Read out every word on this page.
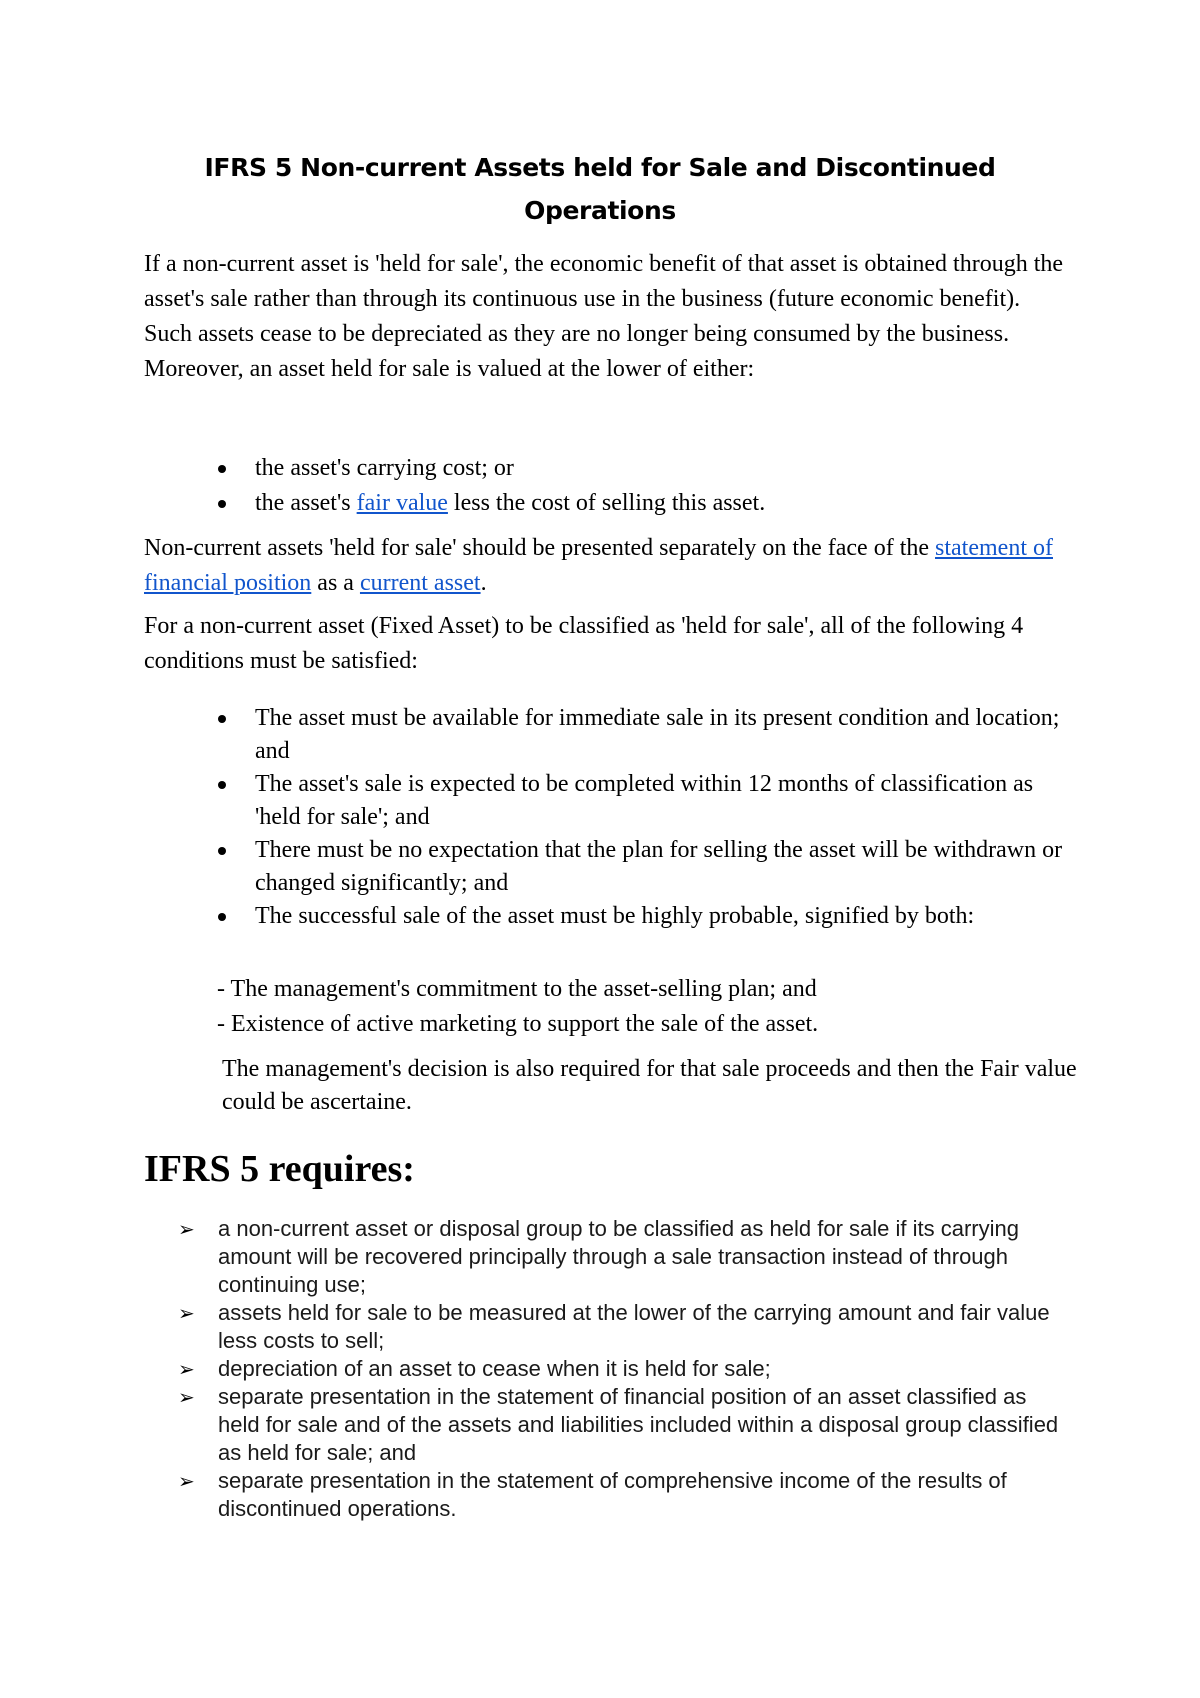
IFRS 5 Non-current Assets held for Sale and Discontinued Operations

If a non-current asset is 'held for sale', the economic benefit of that asset is obtained through the asset's sale rather than through its continuous use in the business (future economic benefit). Such assets cease to be depreciated as they are no longer being consumed by the business. Moreover, an asset held for sale is valued at the lower of either:

the asset's carrying cost; or
the asset's fair value less the cost of selling this asset.

Non-current assets 'held for sale' should be presented separately on the face of the statement of financial position as a current asset.

For a non-current asset (Fixed Asset) to be classified as 'held for sale', all of the following 4 conditions must be satisfied:

The asset must be available for immediate sale in its present condition and location; and
The asset's sale is expected to be completed within 12 months of classification as 'held for sale'; and
There must be no expectation that the plan for selling the asset will be withdrawn or changed significantly; and
The successful sale of the asset must be highly probable, signified by both:
- The management's commitment to the asset-selling plan; and
- Existence of active marketing to support the sale of the asset.

The management's decision is also required for that sale proceeds and then the Fair value could be ascertaine.

IFRS 5 requires:
➢ a non-current asset or disposal group to be classified as held for sale if its carrying amount will be recovered principally through a sale transaction instead of through continuing use;
➢ assets held for sale to be measured at the lower of the carrying amount and fair value less costs to sell;
➢ depreciation of an asset to cease when it is held for sale;
➢ separate presentation in the statement of financial position of an asset classified as held for sale and of the assets and liabilities included within a disposal group classified as held for sale; and
➢ separate presentation in the statement of comprehensive income of the results of discontinued operations.
